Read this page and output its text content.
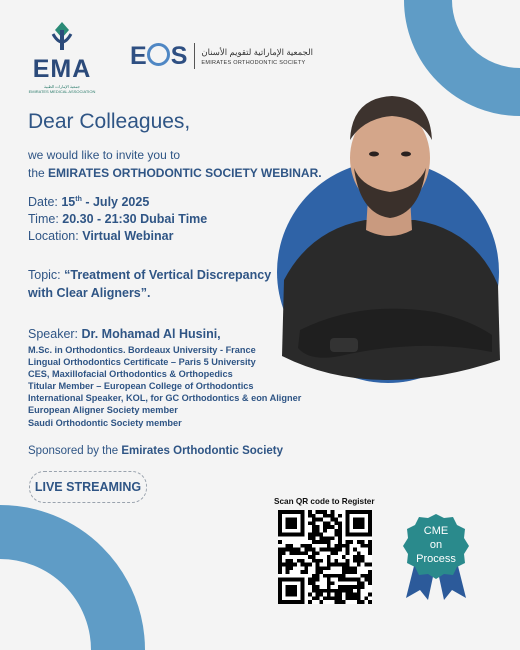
EMA
جمعية الإمارات الطبية
EMIRATES MEDICAL ASSOCIATION
E S الجمعية الإماراتية لتقويم الأسنان
EMIRATES ORTHODONTIC SOCIETY
Dear Colleagues,
we would like to invite you to
the EMIRATES ORTHODONTIC SOCIETY WEBINAR.
Date: 15th - July 2025
Time: 20.30 - 21:30 Dubai Time
Location: Virtual Webinar
Topic: “Treatment of Vertical Discrepancy
with Clear Aligners”.
Speaker: Dr. Mohamad Al Husini,
M.Sc. in Orthodontics. Bordeaux University - France
Lingual Orthodontics Certificate – Paris 5 University
CES, Maxillofacial Orthodontics & Orthopedics
Titular Member – European College of Orthodontics
International Speaker, KOL, for GC Orthodontics & eon Aligner
European Aligner Society member
Saudi Orthodontic Society member
Sponsored by the Emirates Orthodontic Society
LIVE STREAMING
Scan QR code to Register
CME
on
Process
